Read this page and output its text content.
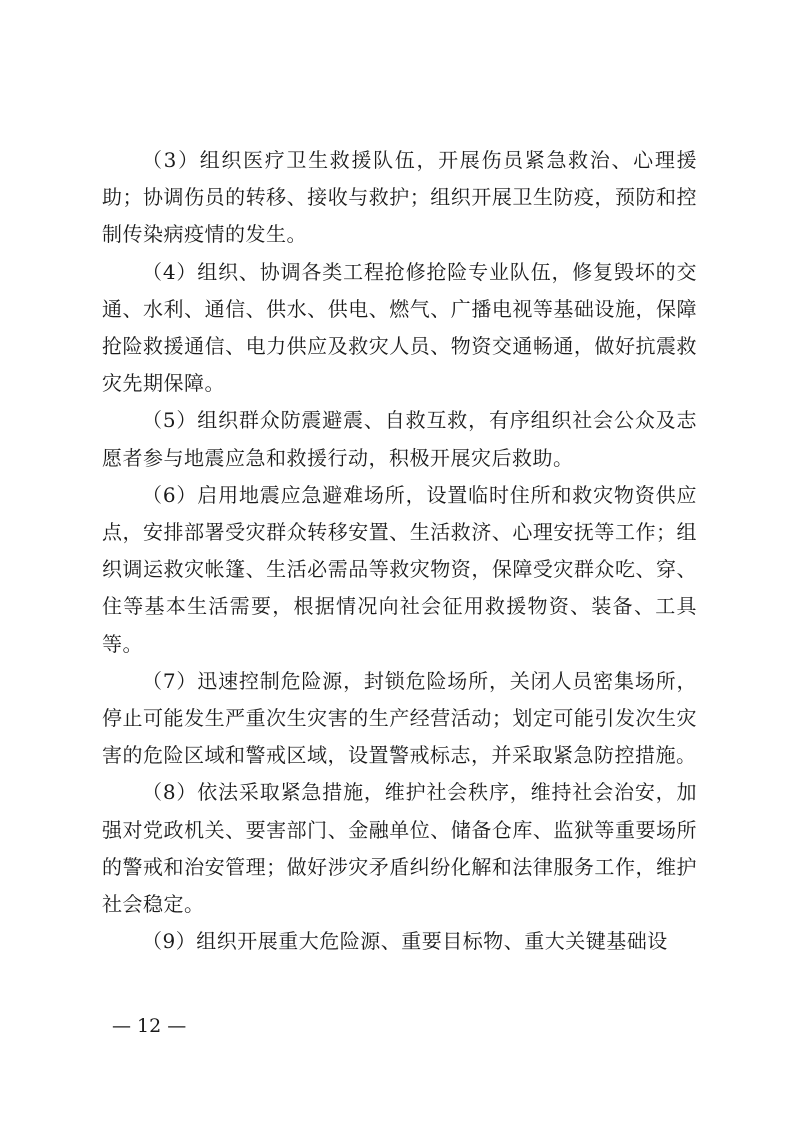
（3）组织医疗卫生救援队伍，开展伤员紧急救治、心理援助；协调伤员的转移、接收与救护；组织开展卫生防疫，预防和控制传染病疫情的发生。

（4）组织、协调各类工程抢修抢险专业队伍，修复毁坏的交通、水利、通信、供水、供电、燃气、广播电视等基础设施，保障抢险救援通信、电力供应及救灾人员、物资交通畅通，做好抗震救灾先期保障。

（5）组织群众防震避震、自救互救，有序组织社会公众及志愿者参与地震应急和救援行动，积极开展灾后救助。

（6）启用地震应急避难场所，设置临时住所和救灾物资供应点，安排部署受灾群众转移安置、生活救济、心理安抚等工作；组织调运救灾帐篷、生活必需品等救灾物资，保障受灾群众吃、穿、住等基本生活需要，根据情况向社会征用救援物资、装备、工具等。

（7）迅速控制危险源，封锁危险场所，关闭人员密集场所，停止可能发生严重次生灾害的生产经营活动；划定可能引发次生灾害的危险区域和警戒区域，设置警戒标志，并采取紧急防控措施。

（8）依法采取紧急措施，维护社会秩序，维持社会治安，加强对党政机关、要害部门、金融单位、储备仓库、监狱等重要场所的警戒和治安管理；做好涉灾矛盾纠纷化解和法律服务工作，维护社会稳定。

（9）组织开展重大危险源、重要目标物、重大关键基础设

— 12 —
